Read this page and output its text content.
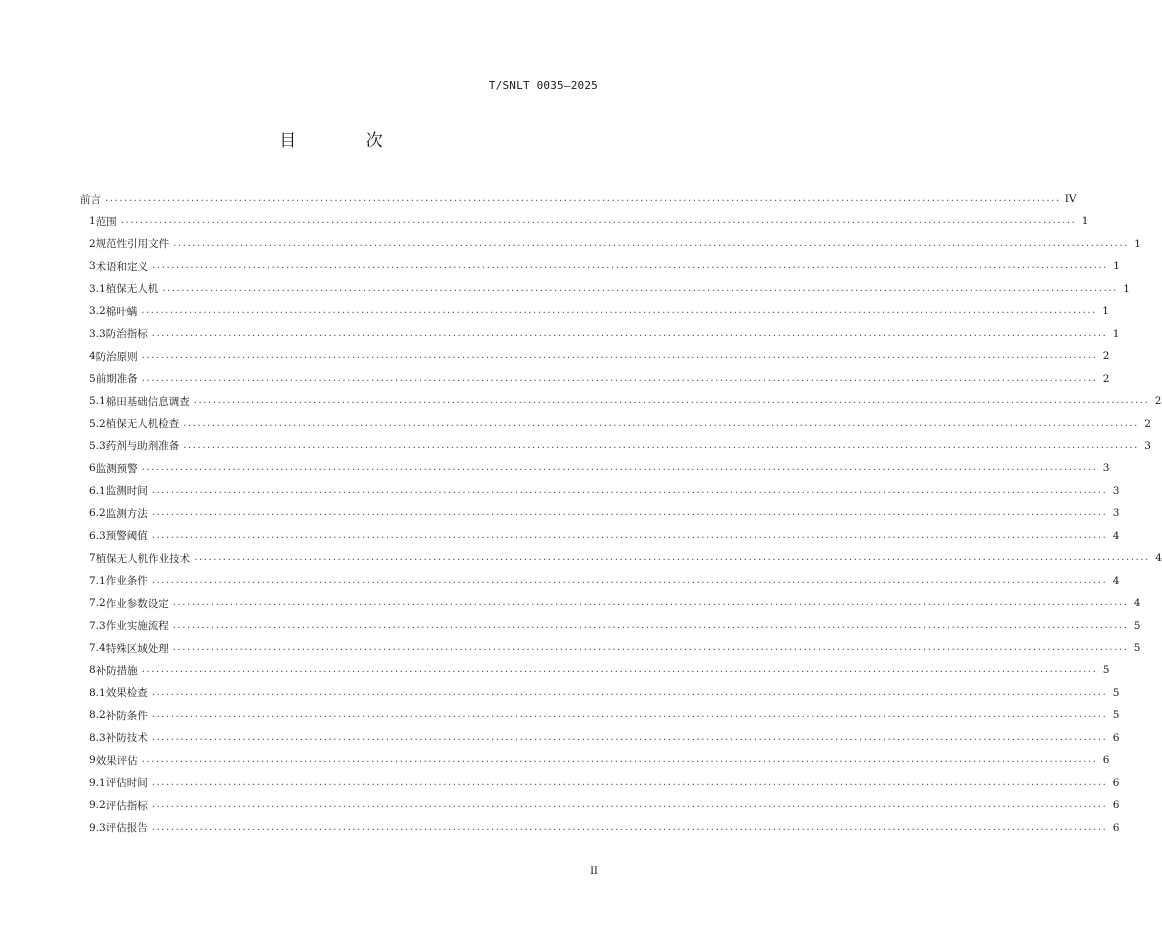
T/SNLT 0035—2025
目 次
前言 ........................................................................................................................................................................................................ IV
1 范围 ........................................................................................................................................................................................................ 1
2 规范性引用文件 ........................................................................................................................................................................................................ 1
3 术语和定义 ........................................................................................................................................................................................................ 1
3.1 植保无人机 ........................................................................................................................................................................................................ 1
3.2 棉叶螨 ........................................................................................................................................................................................................ 1
3.3 防治指标 ........................................................................................................................................................................................................ 1
4 防治原则 ........................................................................................................................................................................................................ 2
5 前期准备 ........................................................................................................................................................................................................ 2
5.1 棉田基础信息调查 ........................................................................................................................................................................................................ 2
5.2 植保无人机检查 ........................................................................................................................................................................................................ 2
5.3 药剂与助剂准备 ........................................................................................................................................................................................................ 3
6 监测预警 ........................................................................................................................................................................................................ 3
6.1 监测时间 ........................................................................................................................................................................................................ 3
6.2 监测方法 ........................................................................................................................................................................................................ 3
6.3 预警阈值 ........................................................................................................................................................................................................ 4
7 植保无人机作业技术 ........................................................................................................................................................................................................ 4
7.1 作业条件 ........................................................................................................................................................................................................ 4
7.2 作业参数设定 ........................................................................................................................................................................................................ 4
7.3 作业实施流程 ........................................................................................................................................................................................................ 5
7.4 特殊区域处理 ........................................................................................................................................................................................................ 5
8 补防措施 ........................................................................................................................................................................................................ 5
8.1 效果检查 ........................................................................................................................................................................................................ 5
8.2 补防条件 ........................................................................................................................................................................................................ 5
8.3 补防技术 ........................................................................................................................................................................................................ 6
9 效果评估 ........................................................................................................................................................................................................ 6
9.1 评估时间 ........................................................................................................................................................................................................ 6
9.2 评估指标 ........................................................................................................................................................................................................ 6
9.3 评估报告 ........................................................................................................................................................................................................ 6
II
